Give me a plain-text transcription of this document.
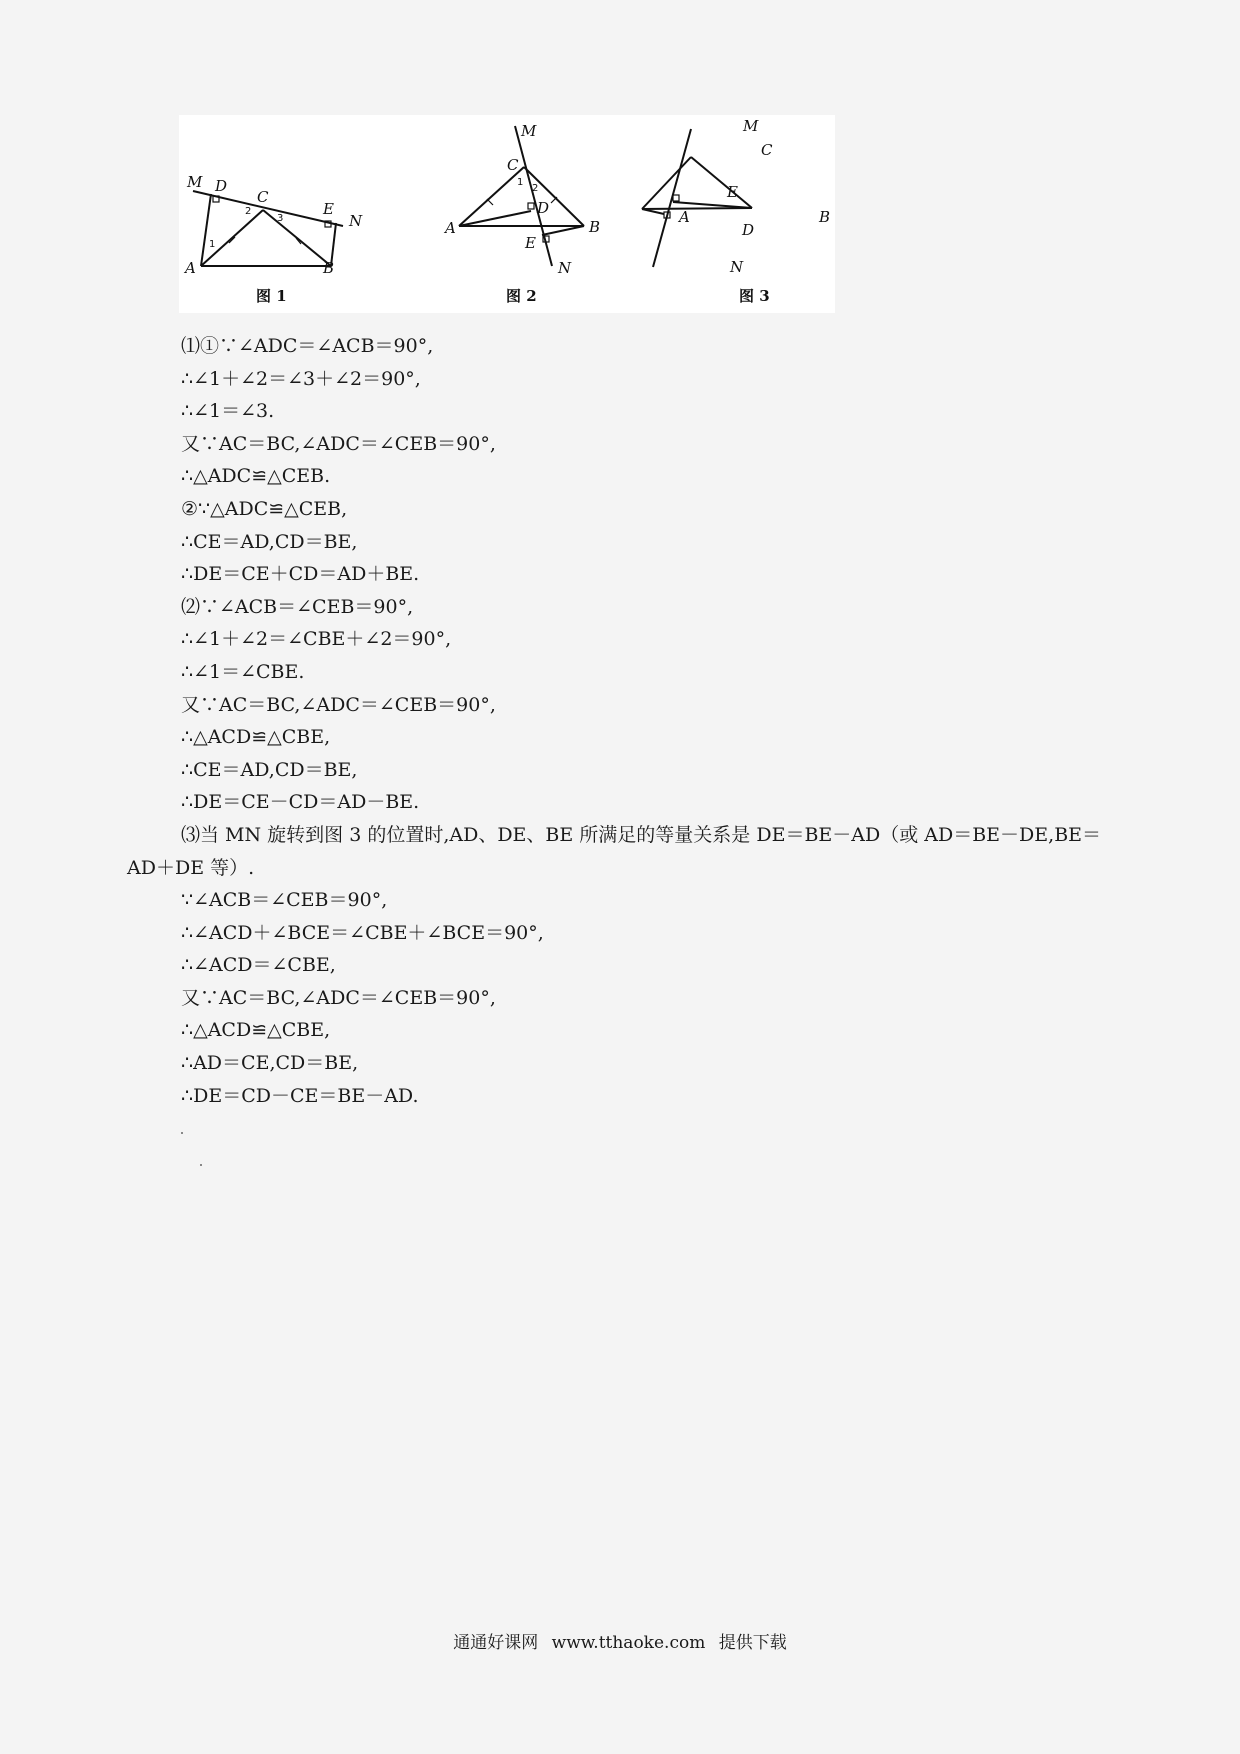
M D
C
E
N
A	B
1
2
3
图 1
M
C
D
A	B
E
N
1
2
图 2
M
C
E
A	B
D
N
图 3
⑴①∵∠ADC＝∠ACB＝90°,
∴∠1＋∠2＝∠3＋∠2＝90°,
∴∠1＝∠3.
又∵AC＝BC,∠ADC＝∠CEB＝90°,
∴△ADC≌△CEB.
②∵△ADC≌△CEB,
∴CE＝AD,CD＝BE,
∴DE＝CE＋CD＝AD＋BE.
⑵∵∠ACB＝∠CEB＝90°,
∴∠1＋∠2＝∠CBE＋∠2＝90°,
∴∠1＝∠CBE.
又∵AC＝BC,∠ADC＝∠CEB＝90°,
∴△ACD≌△CBE,
∴CE＝AD,CD＝BE,
∴DE＝CE－CD＝AD－BE.
⑶当 MN 旋转到图 3 的位置时,AD、DE、BE 所满足的等量关系是 DE＝BE－AD（或 AD＝BE－DE,BE＝AD＋DE 等）.
∵∠ACB＝∠CEB＝90°,
∴∠ACD＋∠BCE＝∠CBE＋∠BCE＝90°,
∴∠ACD＝∠CBE,
又∵AC＝BC,∠ADC＝∠CEB＝90°,
∴△ACD≌△CBE,
∴AD＝CE,CD＝BE,
∴DE＝CD－CE＝BE－AD.
通通好课网 www.tthaoke.com 提供下载
